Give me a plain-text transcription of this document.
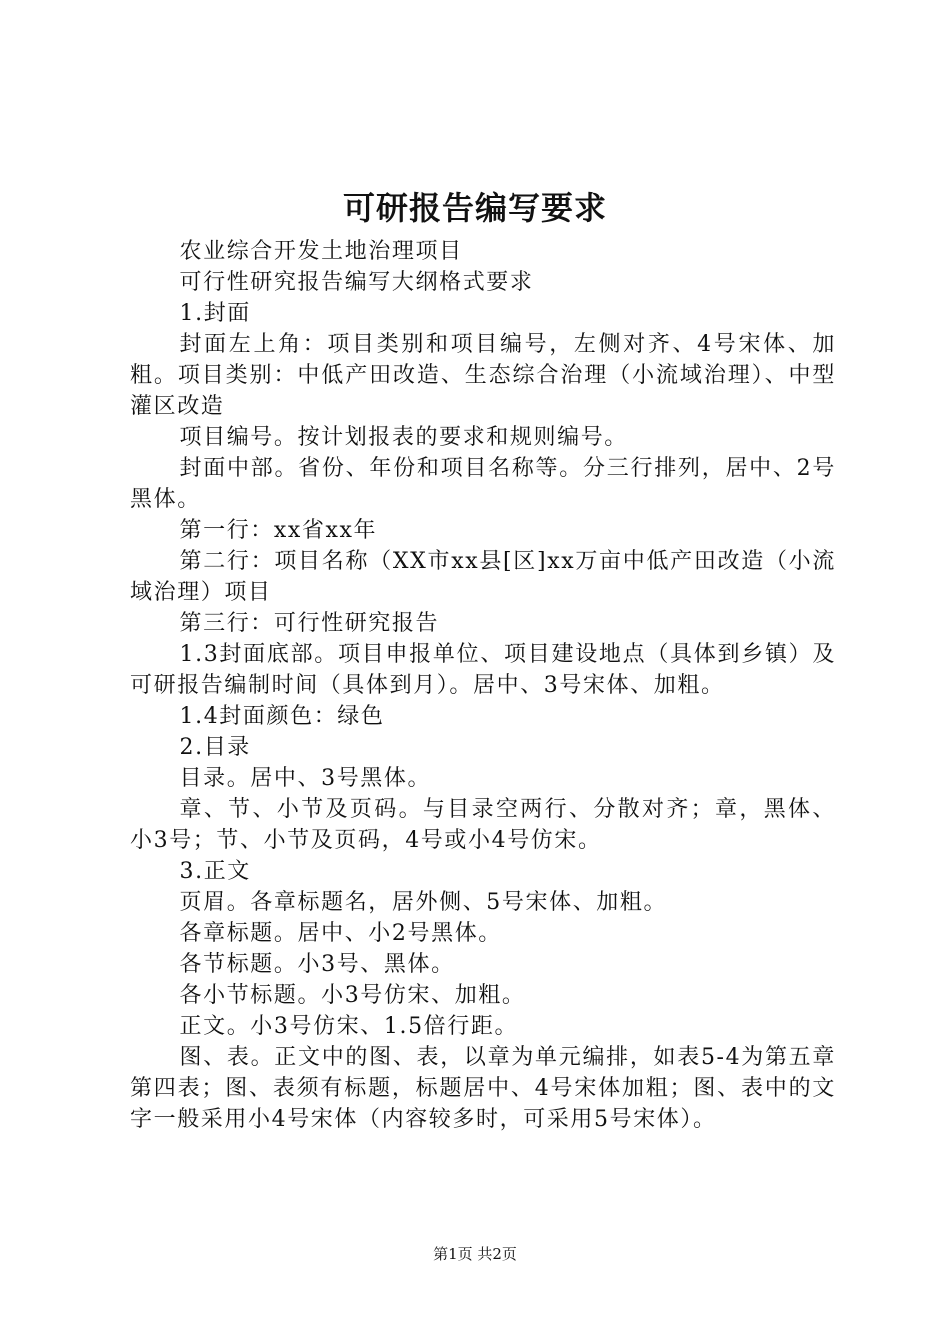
可研报告编写要求

农业综合开发土地治理项目

可行性研究报告编写大纲格式要求

1.封面

封面左上角：项目类别和项目编号，左侧对齐、4号宋体、加粗。项目类别：中低产田改造、生态综合治理（小流域治理）、中型灌区改造

项目编号。按计划报表的要求和规则编号。

封面中部。省份、年份和项目名称等。分三行排列，居中、2号黑体。

第一行：xx省xx年

第二行：项目名称（XX市xx县[区]xx万亩中低产田改造（小流域治理）项目

第三行：可行性研究报告

1.3封面底部。项目申报单位、项目建设地点（具体到乡镇）及可研报告编制时间（具体到月）。居中、3号宋体、加粗。

1.4封面颜色：绿色

2.目录

目录。居中、3号黑体。

章、节、小节及页码。与目录空两行、分散对齐；章，黑体、小3号；节、小节及页码，4号或小4号仿宋。

3.正文

页眉。各章标题名，居外侧、5号宋体、加粗。

各章标题。居中、小2号黑体。

各节标题。小3号、黑体。

各小节标题。小3号仿宋、加粗。

正文。小3号仿宋、1.5倍行距。

图、表。正文中的图、表，以章为单元编排，如表5-4为第五章第四表；图、表须有标题，标题居中、4号宋体加粗；图、表中的文字一般采用小4号宋体（内容较多时，可采用5号宋体）。

第1页 共2页
